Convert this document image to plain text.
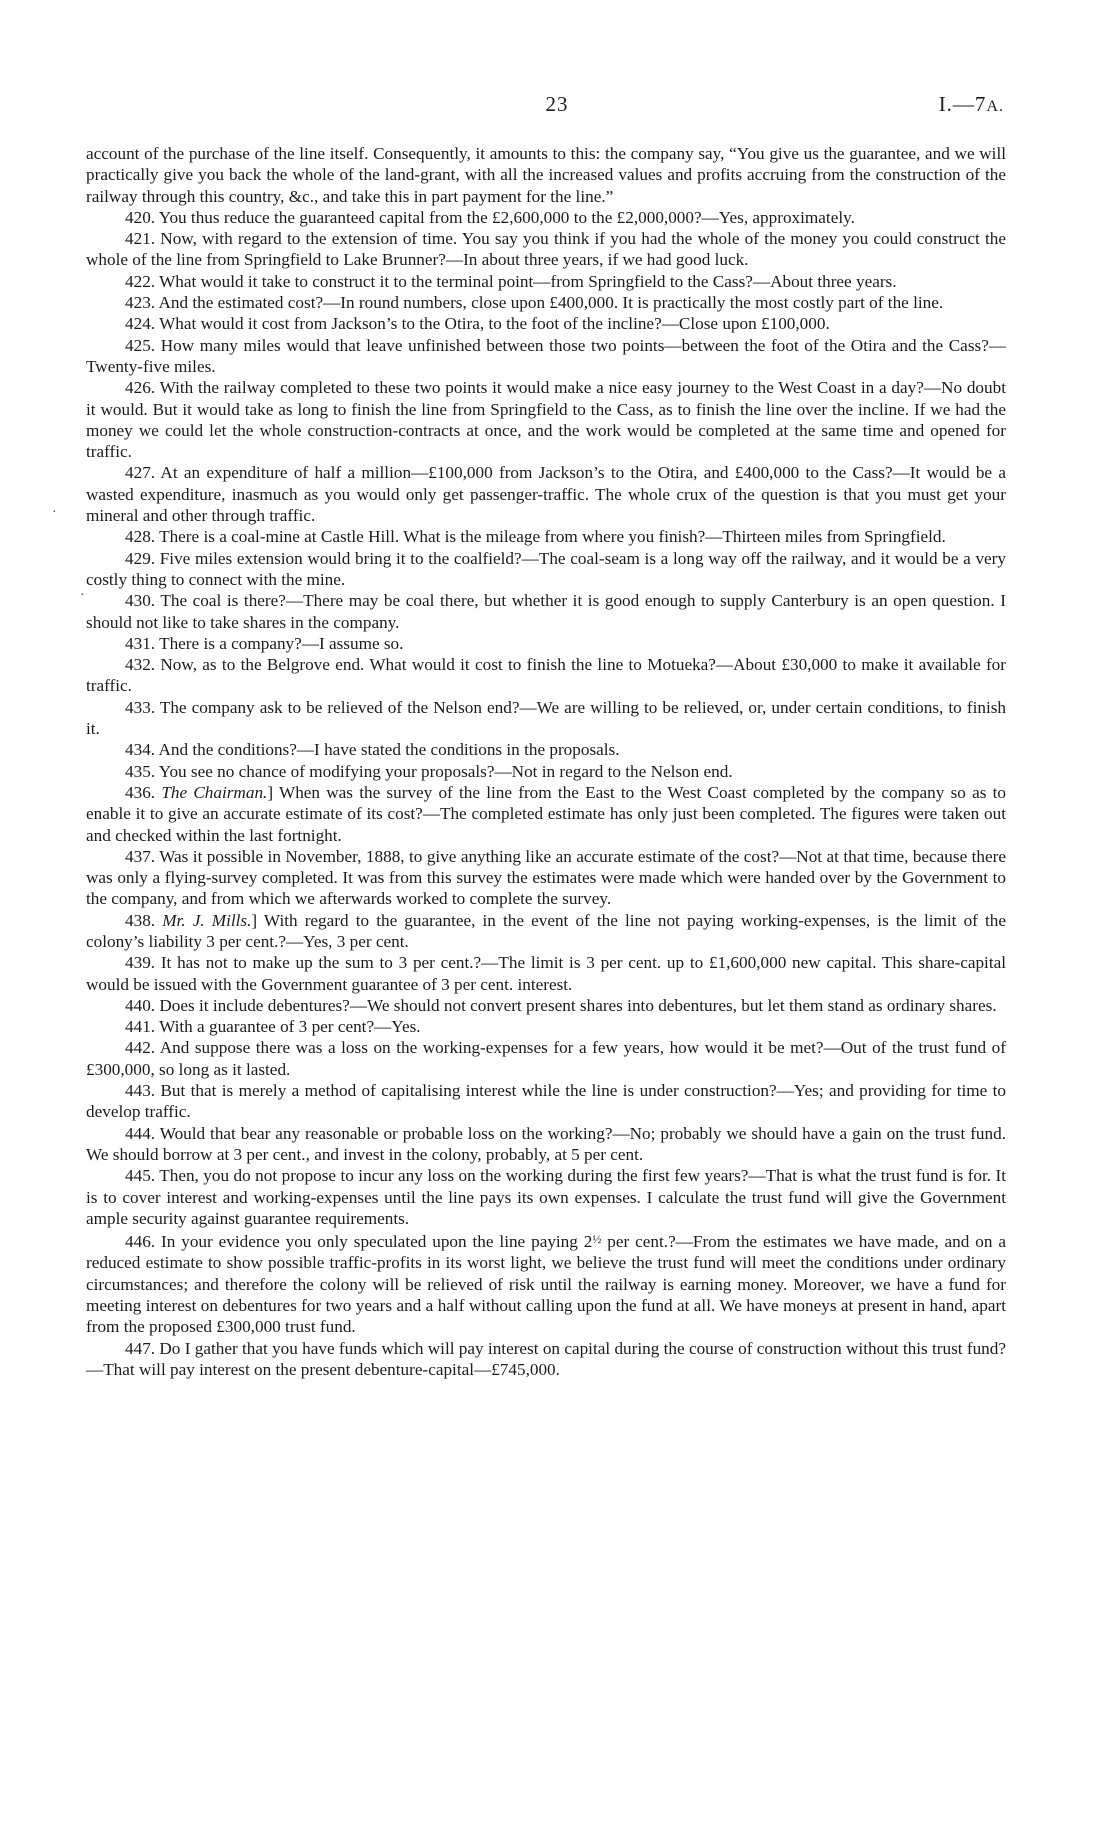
23	I.—7A.
·
·

account of the purchase of the line itself. Consequently, it amounts to this: the company say, “You give us the guarantee, and we will practically give you back the whole of the land-grant, with all the increased values and profits accruing from the construction of the railway through this country, &c., and take this in part payment for the line.”

420. You thus reduce the guaranteed capital from the £2,600,000 to the £2,000,000?—Yes, approximately.

421. Now, with regard to the extension of time. You say you think if you had the whole of the money you could construct the whole of the line from Springfield to Lake Brunner?—In about three years, if we had good luck.

422. What would it take to construct it to the terminal point—from Springfield to the Cass?—About three years.

423. And the estimated cost?—In round numbers, close upon £400,000. It is practically the most costly part of the line.

424. What would it cost from Jackson’s to the Otira, to the foot of the incline?—Close upon £100,000.

425. How many miles would that leave unfinished between those two points—between the foot of the Otira and the Cass?—Twenty-five miles.

426. With the railway completed to these two points it would make a nice easy journey to the West Coast in a day?—No doubt it would. But it would take as long to finish the line from Springfield to the Cass, as to finish the line over the incline. If we had the money we could let the whole construction-contracts at once, and the work would be completed at the same time and opened for traffic.

427. At an expenditure of half a million—£100,000 from Jackson’s to the Otira, and £400,000 to the Cass?—It would be a wasted expenditure, inasmuch as you would only get passenger-traffic. The whole crux of the question is that you must get your mineral and other through traffic.

428. There is a coal-mine at Castle Hill. What is the mileage from where you finish?—Thirteen miles from Springfield.

429. Five miles extension would bring it to the coalfield?—The coal-seam is a long way off the railway, and it would be a very costly thing to connect with the mine.

430. The coal is there?—There may be coal there, but whether it is good enough to supply Canterbury is an open question. I should not like to take shares in the company.

431. There is a company?—I assume so.

432. Now, as to the Belgrove end. What would it cost to finish the line to Motueka?—About £30,000 to make it available for traffic.

433. The company ask to be relieved of the Nelson end?—We are willing to be relieved, or, under certain conditions, to finish it.

434. And the conditions?—I have stated the conditions in the proposals.

435. You see no chance of modifying your proposals?—Not in regard to the Nelson end.

436. The Chairman.] When was the survey of the line from the East to the West Coast completed by the company so as to enable it to give an accurate estimate of its cost?—The completed estimate has only just been completed. The figures were taken out and checked within the last fortnight.

437. Was it possible in November, 1888, to give anything like an accurate estimate of the cost?—Not at that time, because there was only a flying-survey completed. It was from this survey the estimates were made which were handed over by the Government to the company, and from which we afterwards worked to complete the survey.

438. Mr. J. Mills.] With regard to the guarantee, in the event of the line not paying working-expenses, is the limit of the colony’s liability 3 per cent.?—Yes, 3 per cent.

439. It has not to make up the sum to 3 per cent.?—The limit is 3 per cent. up to £1,600,000 new capital. This share-capital would be issued with the Government guarantee of 3 per cent. interest.

440. Does it include debentures?—We should not convert present shares into debentures, but let them stand as ordinary shares.

441. With a guarantee of 3 per cent?—Yes.

442. And suppose there was a loss on the working-expenses for a few years, how would it be met?—Out of the trust fund of £300,000, so long as it lasted.

443. But that is merely a method of capitalising interest while the line is under construction?—Yes; and providing for time to develop traffic.

444. Would that bear any reasonable or probable loss on the working?—No; probably we should have a gain on the trust fund. We should borrow at 3 per cent., and invest in the colony, probably, at 5 per cent.

445. Then, you do not propose to incur any loss on the working during the first few years?—That is what the trust fund is for. It is to cover interest and working-expenses until the line pays its own expenses. I calculate the trust fund will give the Government ample security against guarantee requirements.

446. In your evidence you only speculated upon the line paying $2^{\frac{1}{2}}$ per cent.?—From the estimates we have made, and on a reduced estimate to show possible traffic-profits in its worst light, we believe the trust fund will meet the conditions under ordinary circumstances; and therefore the colony will be relieved of risk until the railway is earning money. Moreover, we have a fund for meeting interest on debentures for two years and a half without calling upon the fund at all. We have moneys at present in hand, apart from the proposed £300,000 trust fund.

447. Do I gather that you have funds which will pay interest on capital during the course of construction without this trust fund?—That will pay interest on the present debenture-capital—£745,000.
